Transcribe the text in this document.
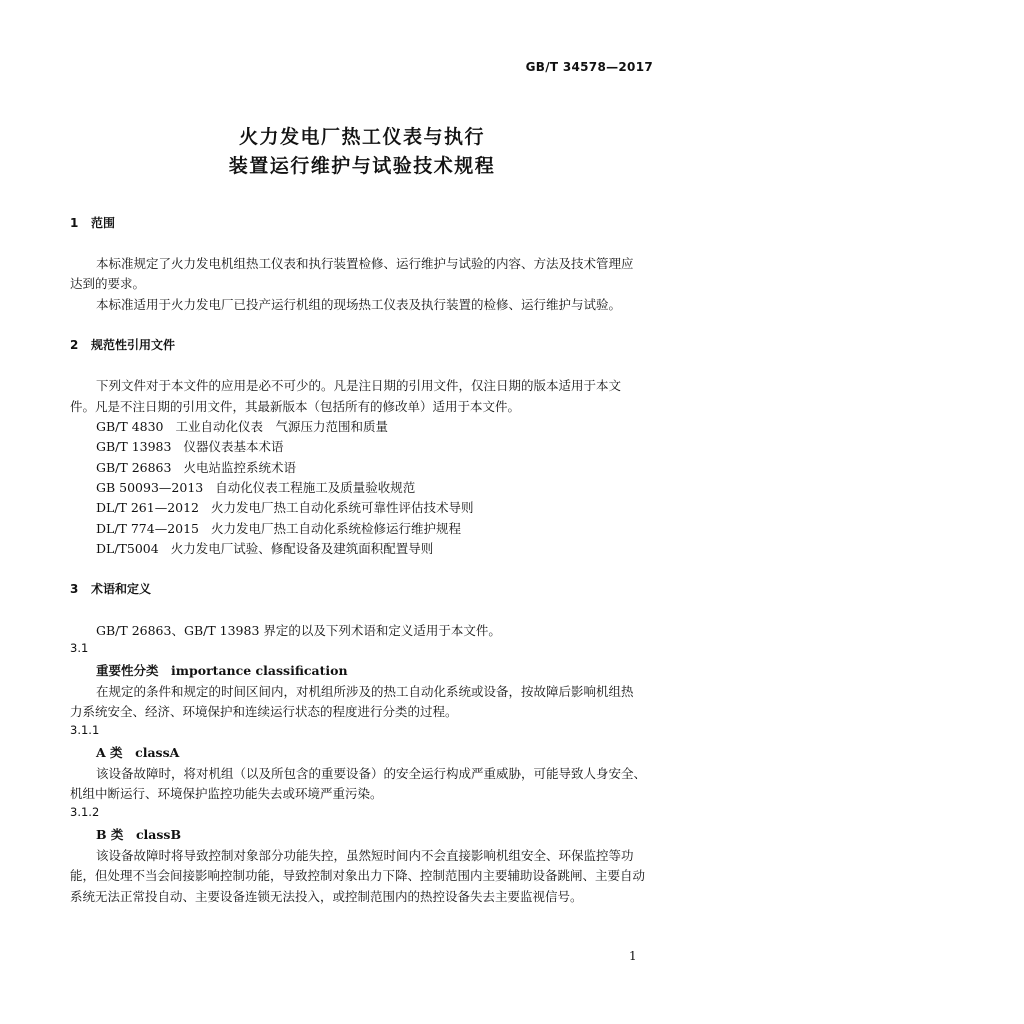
GB/T 34578—2017
火力发电厂热工仪表与执行
装置运行维护与试验技术规程
1 范围
本标准规定了火力发电机组热工仪表和执行装置检修、运行维护与试验的内容、方法及技术管理应
达到的要求。
本标准适用于火力发电厂已投产运行机组的现场热工仪表及执行装置的检修、运行维护与试验。
2 规范性引用文件
下列文件对于本文件的应用是必不可少的。凡是注日期的引用文件，仅注日期的版本适用于本文
件。凡是不注日期的引用文件，其最新版本（包括所有的修改单）适用于本文件。
GB/T 4830 工业自动化仪表　气源压力范围和质量
GB/T 13983 仪器仪表基本术语
GB/T 26863 火电站监控系统术语
GB 50093—2013 自动化仪表工程施工及质量验收规范
DL/T 261—2012 火力发电厂热工自动化系统可靠性评估技术导则
DL/T 774—2015 火力发电厂热工自动化系统检修运行维护规程
DL/T5004 火力发电厂试验、修配设备及建筑面积配置导则
3 术语和定义
GB/T 26863、GB/T 13983 界定的以及下列术语和定义适用于本文件。
3.1
重要性分类　 importance classification
在规定的条件和规定的时间区间内，对机组所涉及的热工自动化系统或设备，按故障后影响机组热
力系统安全、经济、环境保护和连续运行状态的程度进行分类的过程。
3.1.1
A 类　 classA
该设备故障时，将对机组（以及所包含的重要设备）的安全运行构成严重威胁，可能导致人身安全、
机组中断运行、环境保护监控功能失去或环境严重污染。
3.1.2
B 类　 classB
该设备故障时将导致控制对象部分功能失控，虽然短时间内不会直接影响机组安全、环保监控等功
能，但处理不当会间接影响控制功能，导致控制对象出力下降、控制范围内主要辅助设备跳闸、主要自动
系统无法正常投自动、主要设备连锁无法投入，或控制范围内的热控设备失去主要监视信号。
1
